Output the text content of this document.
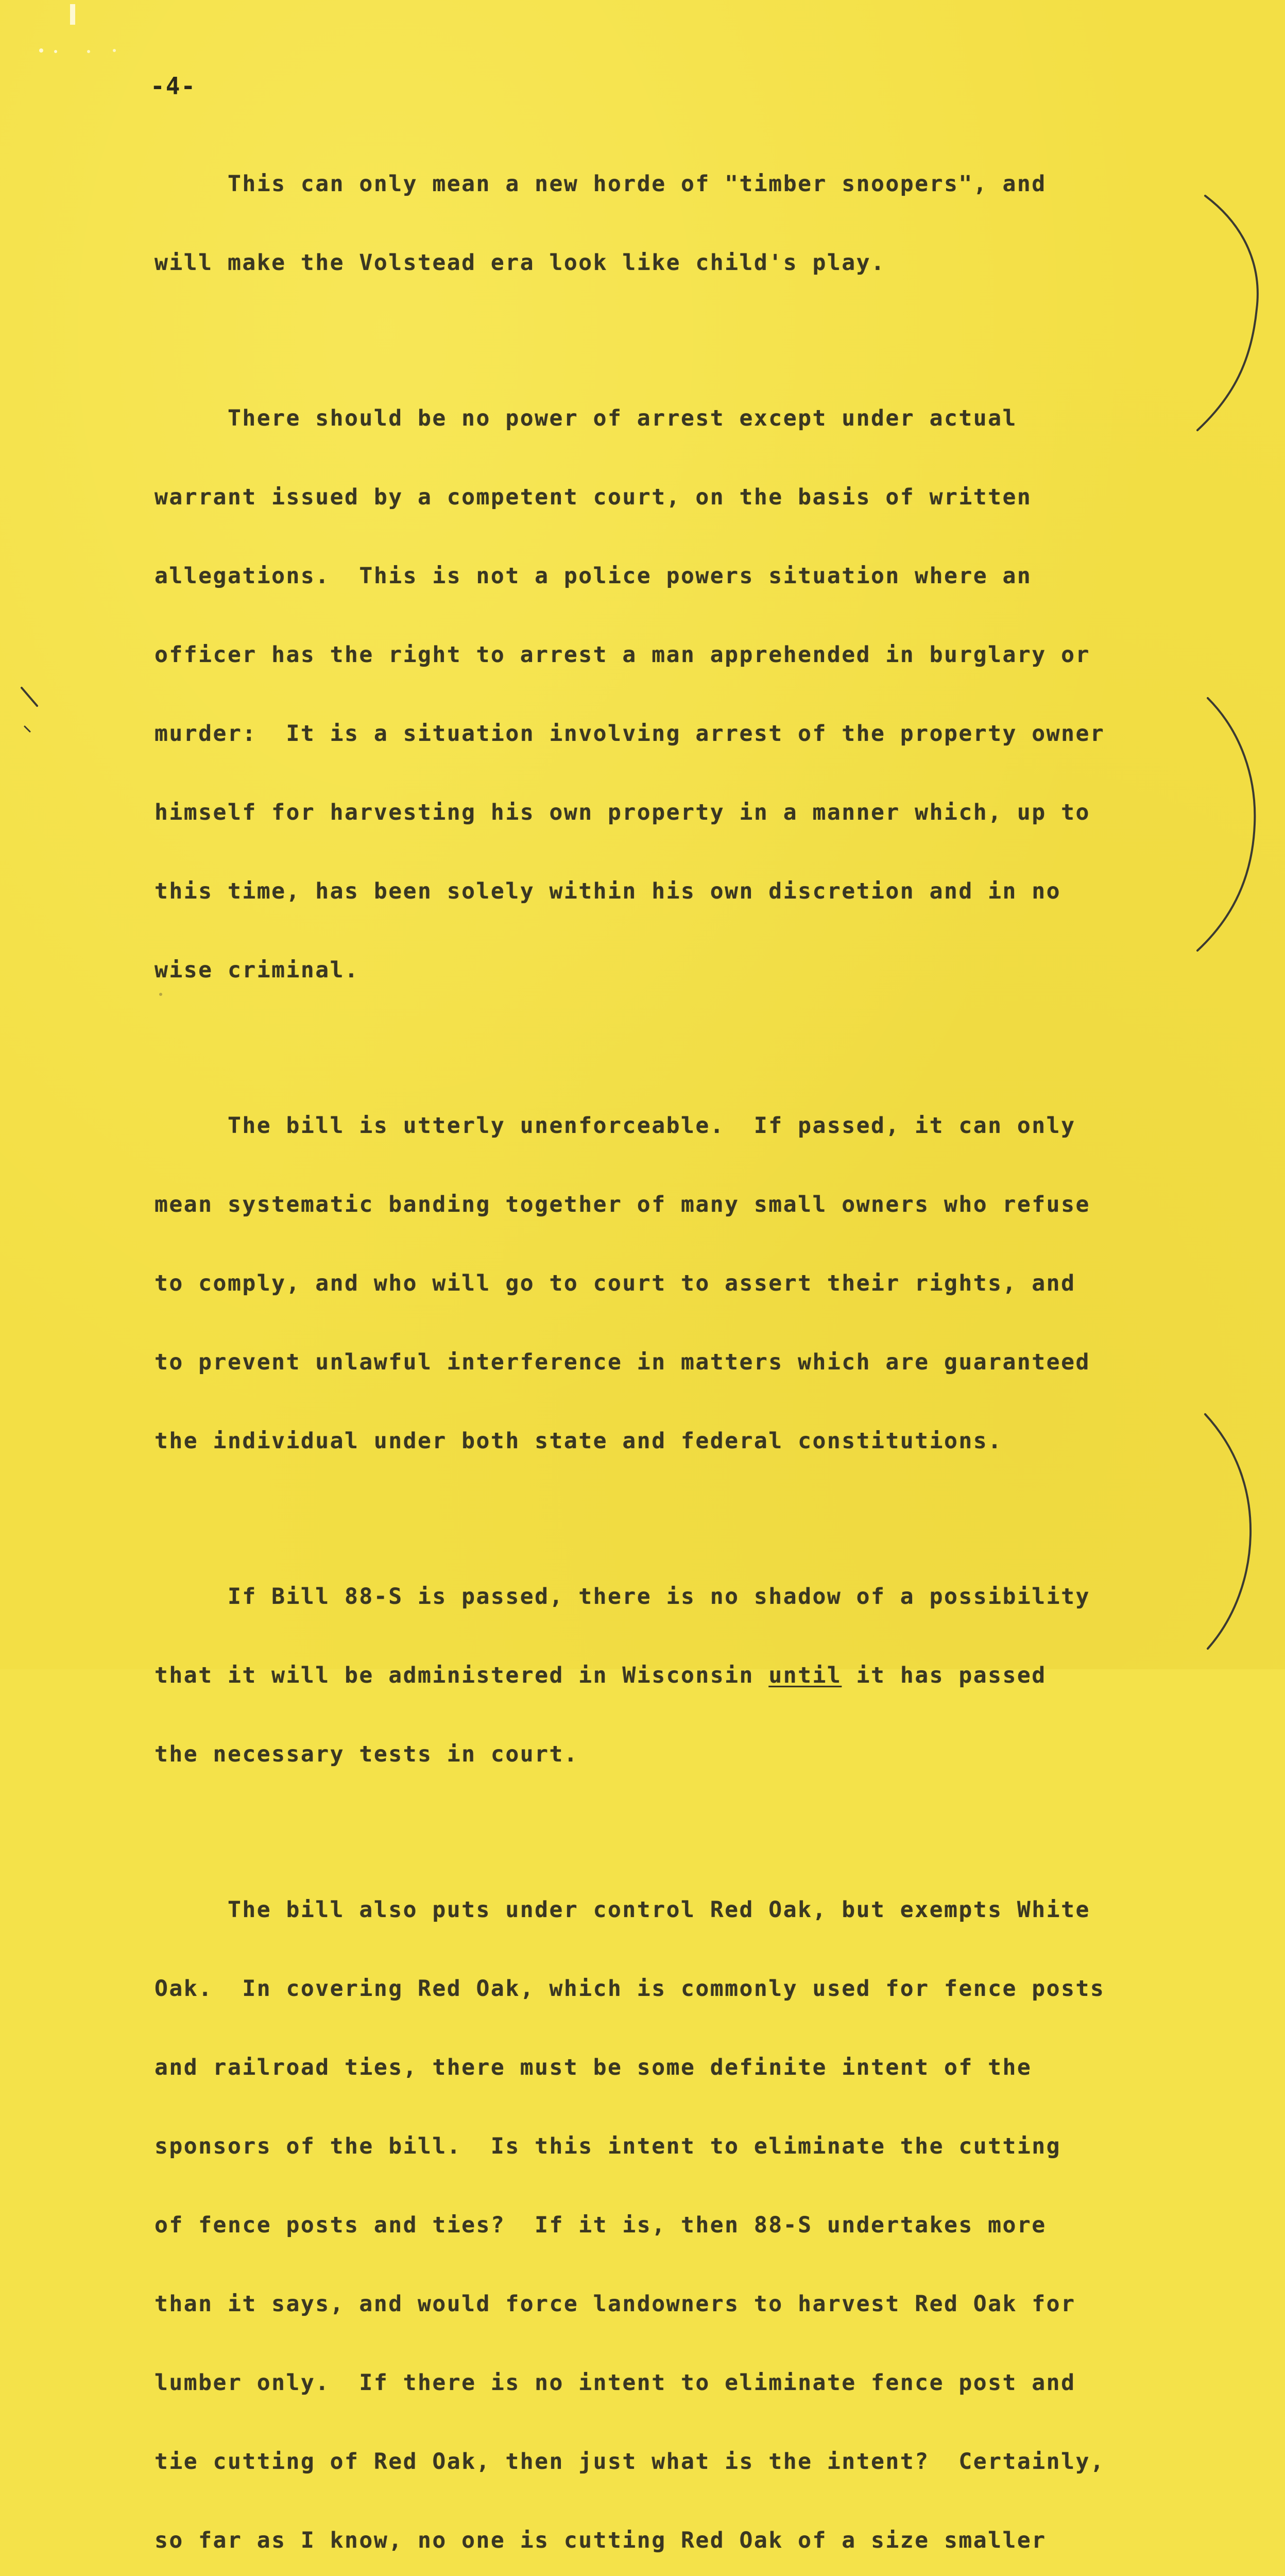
-4-

This can only mean a new horde of "timber snoopers", and

will make the Volstead era look like child's play.

There should be no power of arrest except under actual

warrant issued by a competent court, on the basis of written

allegations.  This is not a police powers situation where an

officer has the right to arrest a man apprehended in burglary or

murder:  It is a situation involving arrest of the property owner

himself for harvesting his own property in a manner which, up to

this time, has been solely within his own discretion and in no

wise criminal.

The bill is utterly unenforceable.  If passed, it can only

mean systematic banding together of many small owners who refuse

to comply, and who will go to court to assert their rights, and

to prevent unlawful interference in matters which are guaranteed

the individual under both state and federal constitutions.

If Bill 88-S is passed, there is no shadow of a possibility

that it will be administered in Wisconsin until it has passed

the necessary tests in court.

The bill also puts under control Red Oak, but exempts White

Oak.  In covering Red Oak, which is commonly used for fence posts

and railroad ties, there must be some definite intent of the

sponsors of the bill.  Is this intent to eliminate the cutting

of fence posts and ties?  If it is, then 88-S undertakes more

than it says, and would force landowners to harvest Red Oak for

lumber only.  If there is no intent to eliminate fence post and

tie cutting of Red Oak, then just what is the intent?  Certainly,

so far as I know, no one is cutting Red Oak of a size smaller
